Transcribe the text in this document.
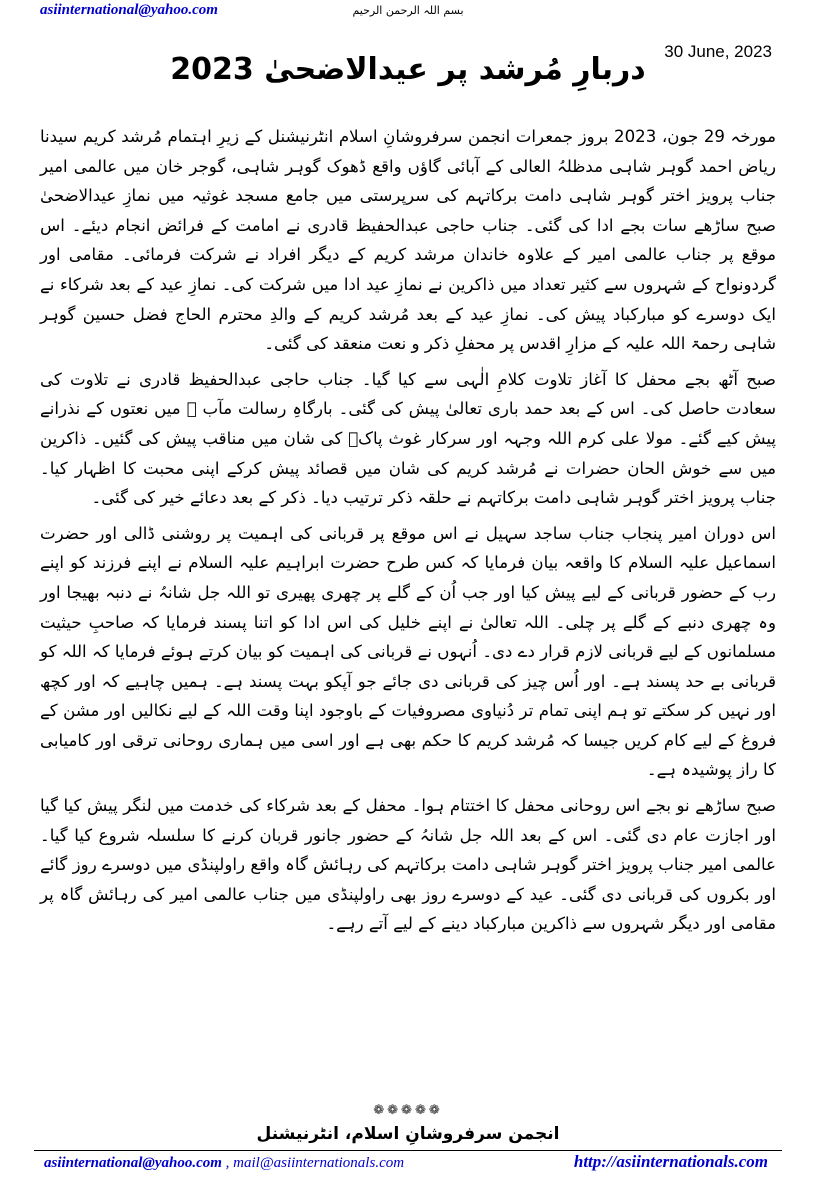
asiinternational@yahoo.com	بسم اللہ الرحمن الرحیم
30 June, 2023
دربارِ مُرشد پر عیدالاضحیٰ 2023

مورخہ 29 جون، 2023 بروز جمعرات انجمن سرفروشانِ اسلام انٹرنیشنل کے زیرِ اہتمام مُرشد کریم سیدنا ریاض احمد گوہر شاہی مدظلہُ العالی کے آبائی گاؤں واقع ڈھوک گوہر شاہی، گوجر خان میں عالمی امیر جناب پرویز اختر گوہر شاہی دامت برکاتہم کی سرپرستی میں جامع مسجد غوثیہ میں نمازِ عیدالاضحیٰ صبح ساڑھے سات بجے ادا کی گئی۔ جناب حاجی عبدالحفیظ قادری نے امامت کے فرائض انجام دیئے۔ اس موقع پر جناب عالمی امیر کے علاوہ خاندان مرشد کریم کے دیگر افراد نے شرکت فرمائی۔ مقامی اور گردونواح کے شہروں سے کثیر تعداد میں ذاکرین نے نمازِ عید ادا میں شرکت کی۔ نمازِ عید کے بعد شرکاء نے ایک دوسرے کو مبارکباد پیش کی۔ نمازِ عید کے بعد مُرشد کریم کے والدِ محترم الحاج فضل حسین گوہر شاہی رحمۃ اللہ علیہ کے مزارِ اقدس پر محفلِ ذکر و نعت منعقد کی گئی۔

صبح آٹھ بجے محفل کا آغاز تلاوت کلامِ الٰہی سے کیا گیا۔ جناب حاجی عبدالحفیظ قادری نے تلاوت کی سعادت حاصل کی۔ اس کے بعد حمد باری تعالیٰ پیش کی گئی۔ بارگاہِ رسالت مآب ﷺ میں نعتوں کے نذرانے پیش کیے گئے۔ مولا علی کرم اللہ وجہہ اور سرکار غوث پاکؓ کی شان میں مناقب پیش کی گئیں۔ ذاکرین میں سے خوش الحان حضرات نے مُرشد کریم کی شان میں قصائد پیش کرکے اپنی محبت کا اظہار کیا۔ جناب پرویز اختر گوہر شاہی دامت برکاتہم نے حلقہ ذکر ترتیب دیا۔ ذکر کے بعد دعائے خیر کی گئی۔

اس دوران امیر پنجاب جناب ساجد سہیل نے اس موقع پر قربانی کی اہمیت پر روشنی ڈالی اور حضرت اسماعیل علیہ السلام کا واقعہ بیان فرمایا کہ کس طرح حضرت ابراہیم علیہ السلام نے اپنے فرزند کو اپنے رب کے حضور قربانی کے لیے پیش کیا اور جب اُن کے گلے پر چھری پھیری تو اللہ جل شانہُ نے دنبہ بھیجا اور وہ چھری دنبے کے گلے پر چلی۔ اللہ تعالیٰ نے اپنے خلیل کی اس ادا کو اتنا پسند فرمایا کہ صاحبِ حیثیت مسلمانوں کے لیے قربانی لازم قرار دے دی۔ اُنہوں نے قربانی کی اہمیت کو بیان کرتے ہوئے فرمایا کہ اللہ کو قربانی بے حد پسند ہے۔ اور اُس چیز کی قربانی دی جائے جو آپکو بہت پسند ہے۔ ہمیں چاہیے کہ اور کچھ اور نہیں کر سکتے تو ہم اپنی تمام تر دُنیاوی مصروفیات کے باوجود اپنا وقت اللہ کے لیے نکالیں اور مشن کے فروغ کے لیے کام کریں جیسا کہ مُرشد کریم کا حکم بھی ہے اور اسی میں ہماری روحانی ترقی اور کامیابی کا راز پوشیدہ ہے۔

صبح ساڑھے نو بجے اس روحانی محفل کا اختتام ہوا۔ محفل کے بعد شرکاء کی خدمت میں لنگر پیش کیا گیا اور اجازت عام دی گئی۔ اس کے بعد اللہ جل شانہُ کے حضور جانور قربان کرنے کا سلسلہ شروع کیا گیا۔ عالمی امیر جناب پرویز اختر گوہر شاہی دامت برکاتہم کی رہائش گاہ واقع راولپنڈی میں دوسرے روز گائے اور بکروں کی قربانی دی گئی۔ عید کے دوسرے روز بھی راولپنڈی میں جناب عالمی امیر کی رہائش گاہ پر مقامی اور دیگر شہروں سے ذاکرین مبارکباد دینے کے لیے آتے رہے۔

❁❁❁❁❁
انجمن سرفروشانِ اسلام، انٹرنیشنل
asiinternational@yahoo.com , mail@asiinternationals.com	http://asiinternationals.com
